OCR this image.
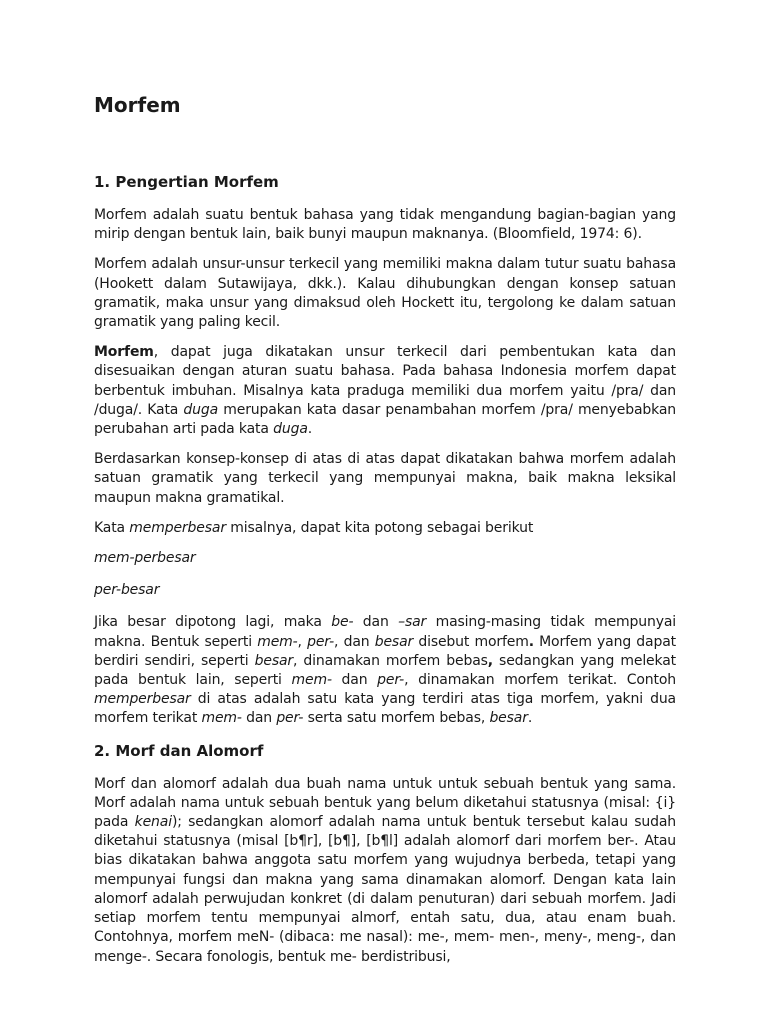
Morfem
1. Pengertian Morfem

Morfem adalah suatu bentuk bahasa yang tidak mengandung bagian-bagian yang mirip dengan bentuk lain, baik bunyi maupun maknanya. (Bloomfield, 1974: 6).

Morfem adalah unsur-unsur terkecil yang memiliki makna dalam tutur suatu bahasa (Hookett dalam Sutawijaya, dkk.). Kalau dihubungkan dengan konsep satuan gramatik, maka unsur yang dimaksud oleh Hockett itu, tergolong ke dalam satuan gramatik yang paling kecil.

Morfem, dapat juga dikatakan unsur terkecil dari pembentukan kata dan disesuaikan dengan aturan suatu bahasa. Pada bahasa Indonesia morfem dapat berbentuk imbuhan. Misalnya kata praduga memiliki dua morfem yaitu /pra/ dan /duga/. Kata duga merupakan kata dasar penambahan morfem /pra/ menyebabkan perubahan arti pada kata duga.

Berdasarkan konsep-konsep di atas di atas dapat dikatakan bahwa morfem adalah satuan gramatik yang terkecil yang mempunyai makna, baik makna leksikal maupun makna gramatikal.

Kata memperbesar misalnya, dapat kita potong sebagai berikut

mem-perbesar

per-besar

Jika besar dipotong lagi, maka be- dan –sar masing-masing tidak mempunyai makna. Bentuk seperti mem-, per-, dan besar disebut morfem. Morfem yang dapat berdiri sendiri, seperti besar, dinamakan morfem bebas, sedangkan yang melekat pada bentuk lain, seperti mem- dan per-, dinamakan morfem terikat. Contoh memperbesar di atas adalah satu kata yang terdiri atas tiga morfem, yakni dua morfem terikat mem- dan per- serta satu morfem bebas, besar.

2. Morf dan Alomorf

Morf dan alomorf adalah dua buah nama untuk untuk sebuah bentuk yang sama. Morf adalah nama untuk sebuah bentuk yang belum diketahui statusnya (misal: {i} pada kenai); sedangkan alomorf adalah nama untuk bentuk tersebut kalau sudah diketahui statusnya (misal [b¶r], [b¶], [b¶l] adalah alomorf dari morfem ber-. Atau bias dikatakan bahwa anggota satu morfem yang wujudnya berbeda, tetapi yang mempunyai fungsi dan makna yang sama dinamakan alomorf. Dengan kata lain alomorf adalah perwujudan konkret (di dalam penuturan) dari sebuah morfem. Jadi setiap morfem tentu mempunyai almorf, entah satu, dua, atau enam buah. Contohnya, morfem meN- (dibaca: me nasal): me-, mem- men-, meny-, meng-, dan menge-. Secara fonologis, bentuk me- berdistribusi,
